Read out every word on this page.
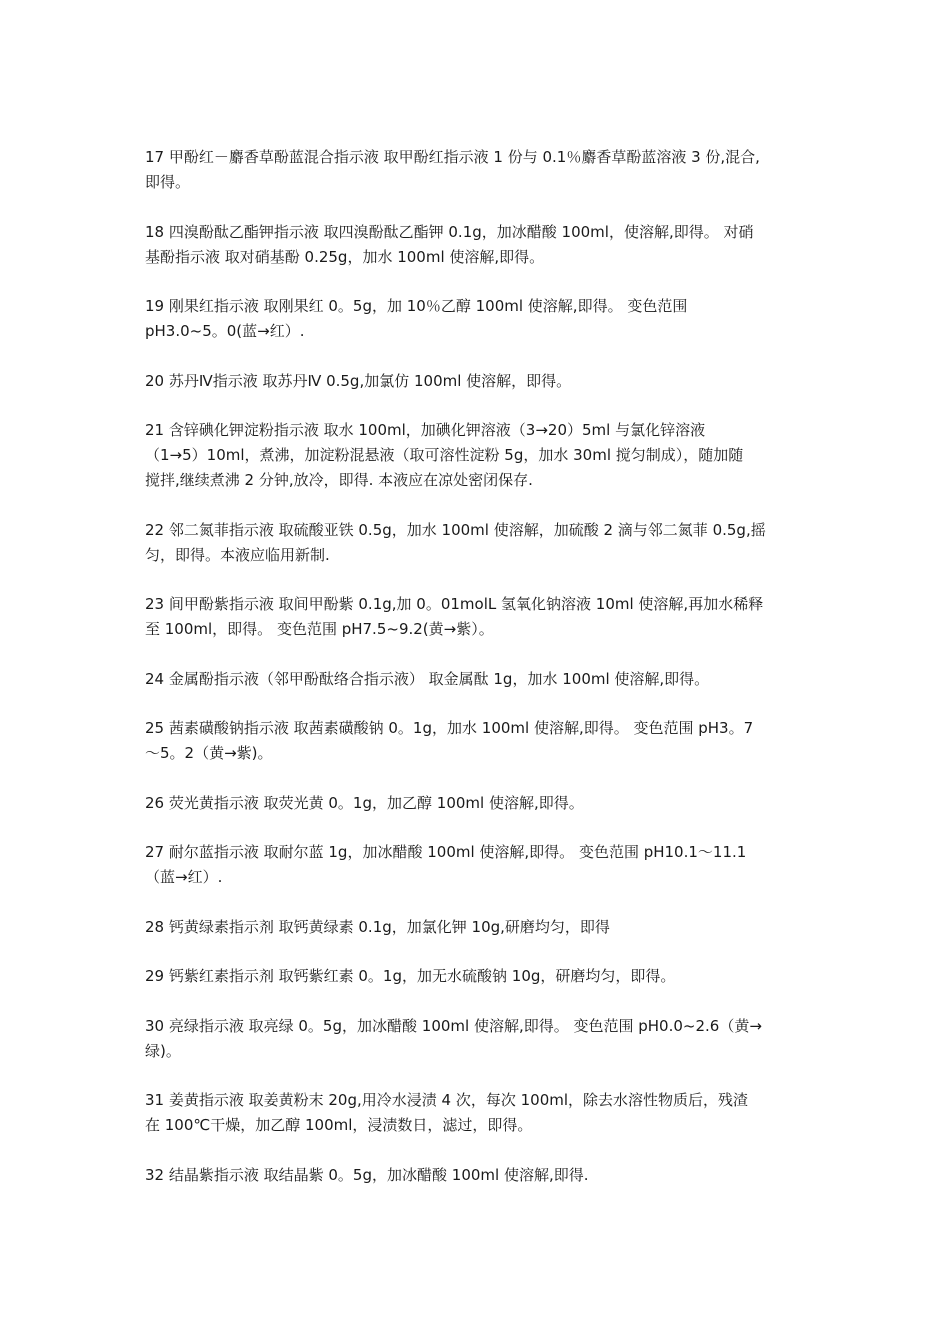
17 甲酚红－麝香草酚蓝混合指示液 取甲酚红指示液 1 份与 0.1％麝香草酚蓝溶液 3 份,混合,
即得。
18 四溴酚酞乙酯钾指示液 取四溴酚酞乙酯钾 0.1g，加冰醋酸 100ml，使溶解,即得。 对硝
基酚指示液 取对硝基酚 0.25g，加水 100ml 使溶解,即得。
19 刚果红指示液 取刚果红 0。5g，加 10％乙醇 100ml 使溶解,即得。 变色范围
pH3.0~5。0(蓝→红）.
20 苏丹Ⅳ指示液 取苏丹Ⅳ 0.5g,加氯仿 100ml 使溶解，即得。
21 含锌碘化钾淀粉指示液 取水 100ml，加碘化钾溶液（3→20）5ml 与氯化锌溶液
（1→5）10ml，煮沸，加淀粉混悬液（取可溶性淀粉 5g，加水 30ml 搅匀制成），随加随
搅拌,继续煮沸 2 分钟,放冷，即得. 本液应在凉处密闭保存.
22 邻二氮菲指示液 取硫酸亚铁 0.5g，加水 100ml 使溶解，加硫酸 2 滴与邻二氮菲 0.5g,摇
匀，即得。本液应临用新制.
23 间甲酚紫指示液 取间甲酚紫 0.1g,加 0。01molL 氢氧化钠溶液 10ml 使溶解,再加水稀释
至 100ml，即得。 变色范围 pH7.5~9.2(黄→紫）。
24 金属酚指示液（邻甲酚酞络合指示液） 取金属酞 1g，加水 100ml 使溶解,即得。
25 茜素磺酸钠指示液 取茜素磺酸钠 0。1g，加水 100ml 使溶解,即得。 变色范围 pH3。7
～5。2（黄→紫)。
26 荧光黄指示液 取荧光黄 0。1g，加乙醇 100ml 使溶解,即得。
27 耐尔蓝指示液 取耐尔蓝 1g，加冰醋酸 100ml 使溶解,即得。 变色范围 pH10.1～11.1
（蓝→红）.
28 钙黄绿素指示剂 取钙黄绿素 0.1g，加氯化钾 10g,研磨均匀，即得
29 钙紫红素指示剂 取钙紫红素 0。1g，加无水硫酸钠 10g，研磨均匀，即得。
30 亮绿指示液 取亮绿 0。5g，加冰醋酸 100ml 使溶解,即得。 变色范围 pH0.0~2.6（黄→
绿)。
31 姜黄指示液 取姜黄粉末 20g,用冷水浸渍 4 次，每次 100ml，除去水溶性物质后，残渣
在 100℃干燥，加乙醇 100ml，浸渍数日，滤过，即得。
32 结晶紫指示液 取结晶紫 0。5g，加冰醋酸 100ml 使溶解,即得.
